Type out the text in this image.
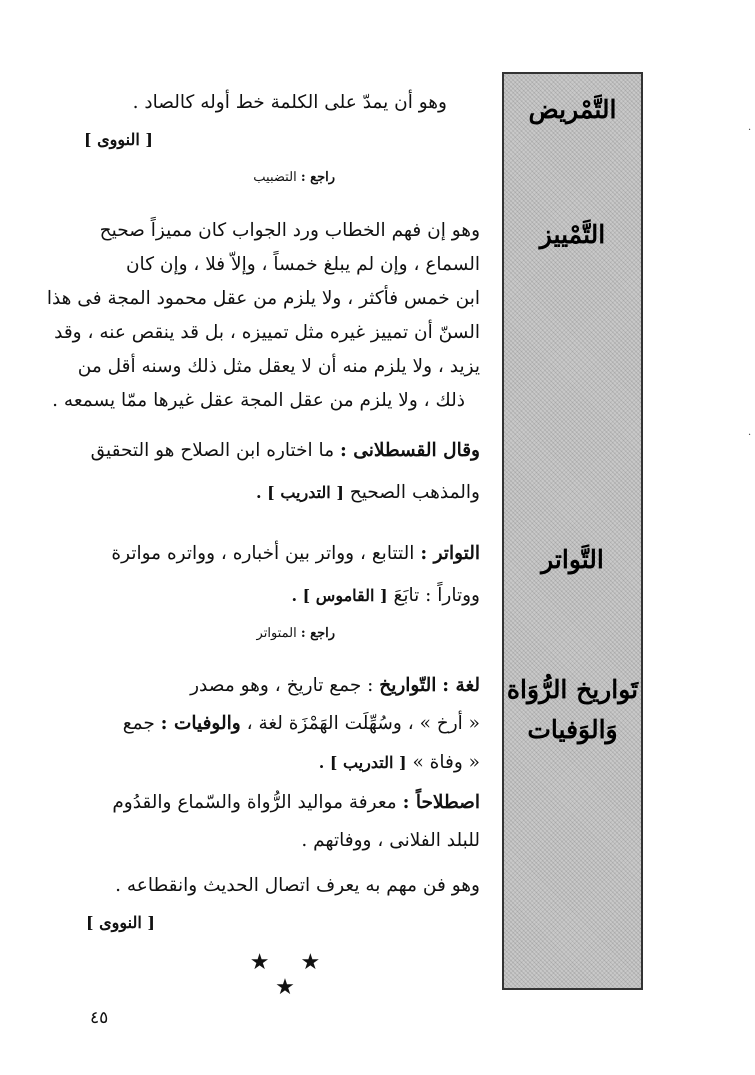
التَّمْريض
التَّمْييز
التَّواتر
تَواريخ الرُّوَاة
وَالوَفيات
وهو أن يمدّ على الكلمة خط أوله كالصاد .
[ النووى ]
راجع : التضبيب
وهو إن فهم الخطاب ورد الجواب كان مميزاً صحيح
السماع ، وإن لم يبلغ خمساً ، وإلاّ فلا ، وإن كان
ابن خمس فأكثر ، ولا يلزم من عقل محمود المجة فى هذا
السنّ أن تمييز غيره مثل تمييزه ، بل قد ينقص عنه ، وقد
يزيد ، ولا يلزم منه أن لا يعقل مثل ذلك وسنه أقل من
ذلك ، ولا يلزم من عقل المجة عقل غيرها ممّا يسمعه .
وقال القسطلانى : ما اختاره ابن الصلاح هو التحقيق
والمذهب الصحيح [ التدريب ] .
التواتر : التتابع ، وواتر بين أخباره ، وواتره مواترة
ووتاراً : تابَعَ [ القاموس ] .
راجع : المتواتر
لغة : التّواريخ : جمع تاريخ ، وهو مصدر
« أرخ » ، وسُهِّلَت الهَمْزَة لغة ، والوفيات : جمع
« وفاة » [ التدريب ] .
اصطلاحاً : معرفة مواليد الرُّواة والسّماع والقدُوم
للبلد الفلانى ، ووفاتهم .
وهو فن مهم به يعرف اتصال الحديث وانقطاعه .
[ النووى ]
★ ★ ★
٤٥
·
·
